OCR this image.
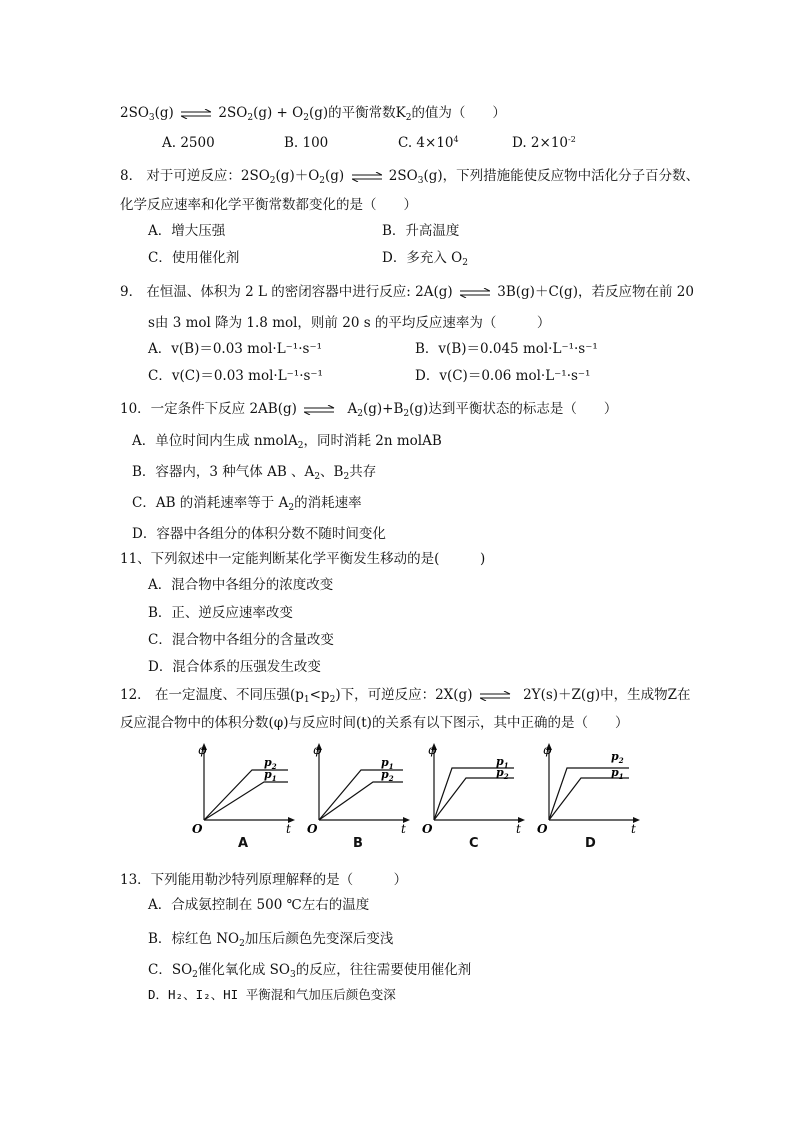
$2SO_3(g)$	$2SO_2(g) + O_2(g)$的平衡常数$K_2$的值为（　　）
A. 2500	B. 100	C. $4\times 10^4$	D. $2\times 10^{-2}$
8． 对于可逆反应：$2SO_2(g)+O_2(g)$	$2SO_3(g)$，下列措施能使反应物中活化分子百分数、
化学反应速率和化学平衡常数都变化的是（　　）
A．增大压强	B．升高温度
C．使用催化剂	D．多充入 $O_2$
9． 在恒温、体积为 2 L 的密闭容器中进行反应: 2A(g)	3B(g)＋C(g)，若反应物在前 20
s由 3 mol 降为 1.8 mol，则前 20 s 的平均反应速率为（　　　）
A．v(B)＝0.03 mol·L⁻¹·s⁻¹	B．v(B)＝0.045 mol·L⁻¹·s⁻¹
C．v(C)＝0.03 mol·L⁻¹·s⁻¹	D．v(C)＝0.06 mol·L⁻¹·s⁻¹
10．一定条件下反应 2AB(g)	$A_2(g)+B_2(g)$达到平衡状态的标志是（　　）
A．单位时间内生成 nmolA$_2$，同时消耗 2n molAB
B．容器内，3 种气体 AB 、$A_2$、$B_2$共存
C．AB 的消耗速率等于 $A_2$的消耗速率
D．容器中各组分的体积分数不随时间变化
11、下列叙述中一定能判断某化学平衡发生移动的是(　　　)
A．混合物中各组分的浓度改变
B．正、逆反应速率改变
C．混合物中各组分的含量改变
D．混合体系的压强发生改变
12． 在一定温度、不同压强$(p_1<p_2)$下，可逆反应：2X(g)	2Y(s)＋Z(g)中，生成物Z在
反应混合物中的体积分数(φ)与反应时间(t)的关系有以下图示，其中正确的是（　　）
φ
O	t
$p_2$
$p_1$
A
φ
O	t
$p_1$
$p_2$
B
φ
O	t
$p_1$
$p_2$
C
φ
O	t
$p_2$
$p_1$
D
13．下列能用勒沙特列原理解释的是（　　　）
A．合成氨控制在 500 ℃左右的温度
B．棕红色 $NO_2$加压后颜色先变深后变浅
C．$SO_2$催化氧化成 $SO_3$的反应，往往需要使用催化剂
D．H₂、I₂、HI 平衡混和气加压后颜色变深
